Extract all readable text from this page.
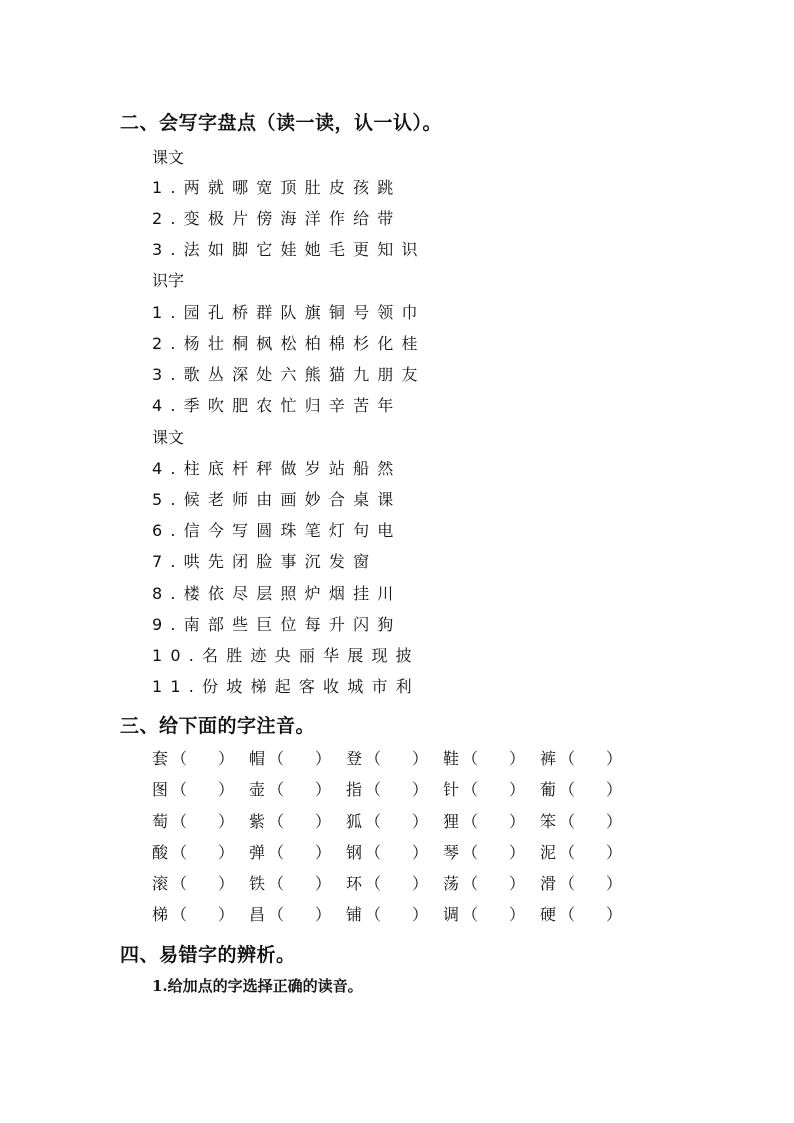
二、会写字盘点（读一读，认一认）。
课文
1.两就哪宽顶肚皮孩跳
2.变极片傍海洋作给带
3.法如脚它娃她毛更知识
识字
1.园孔桥群队旗铜号领巾
2.杨壮桐枫松柏棉杉化桂
3.歌丛深处六熊猫九朋友
4.季吹肥农忙归辛苦年
课文
4.柱底杆秤做岁站船然
5.候老师由画妙合桌课
6.信今写圆珠笔灯句电
7.哄先闭脸事沉发窗
8.楼依尽层照炉烟挂川
9.南部些巨位每升闪狗
10.名胜迹央丽华展现披
11.份坡梯起客收城市利
三、给下面的字注音。
套 （ ） 帽 （ ） 登 （ ） 鞋 （ ） 裤 （ ）
图 （ ） 壶 （ ） 指 （ ） 针 （ ） 葡 （ ）
萄 （ ） 紫 （ ） 狐 （ ） 狸 （ ） 笨 （ ）
酸 （ ） 弹 （ ） 钢 （ ） 琴 （ ） 泥 （ ）
滚 （ ） 铁 （ ） 环 （ ） 荡 （ ） 滑 （ ）
梯 （ ） 昌 （ ） 铺 （ ） 调 （ ） 硬 （ ）
四、易错字的辨析。
1.给加点的字选择正确的读音。
